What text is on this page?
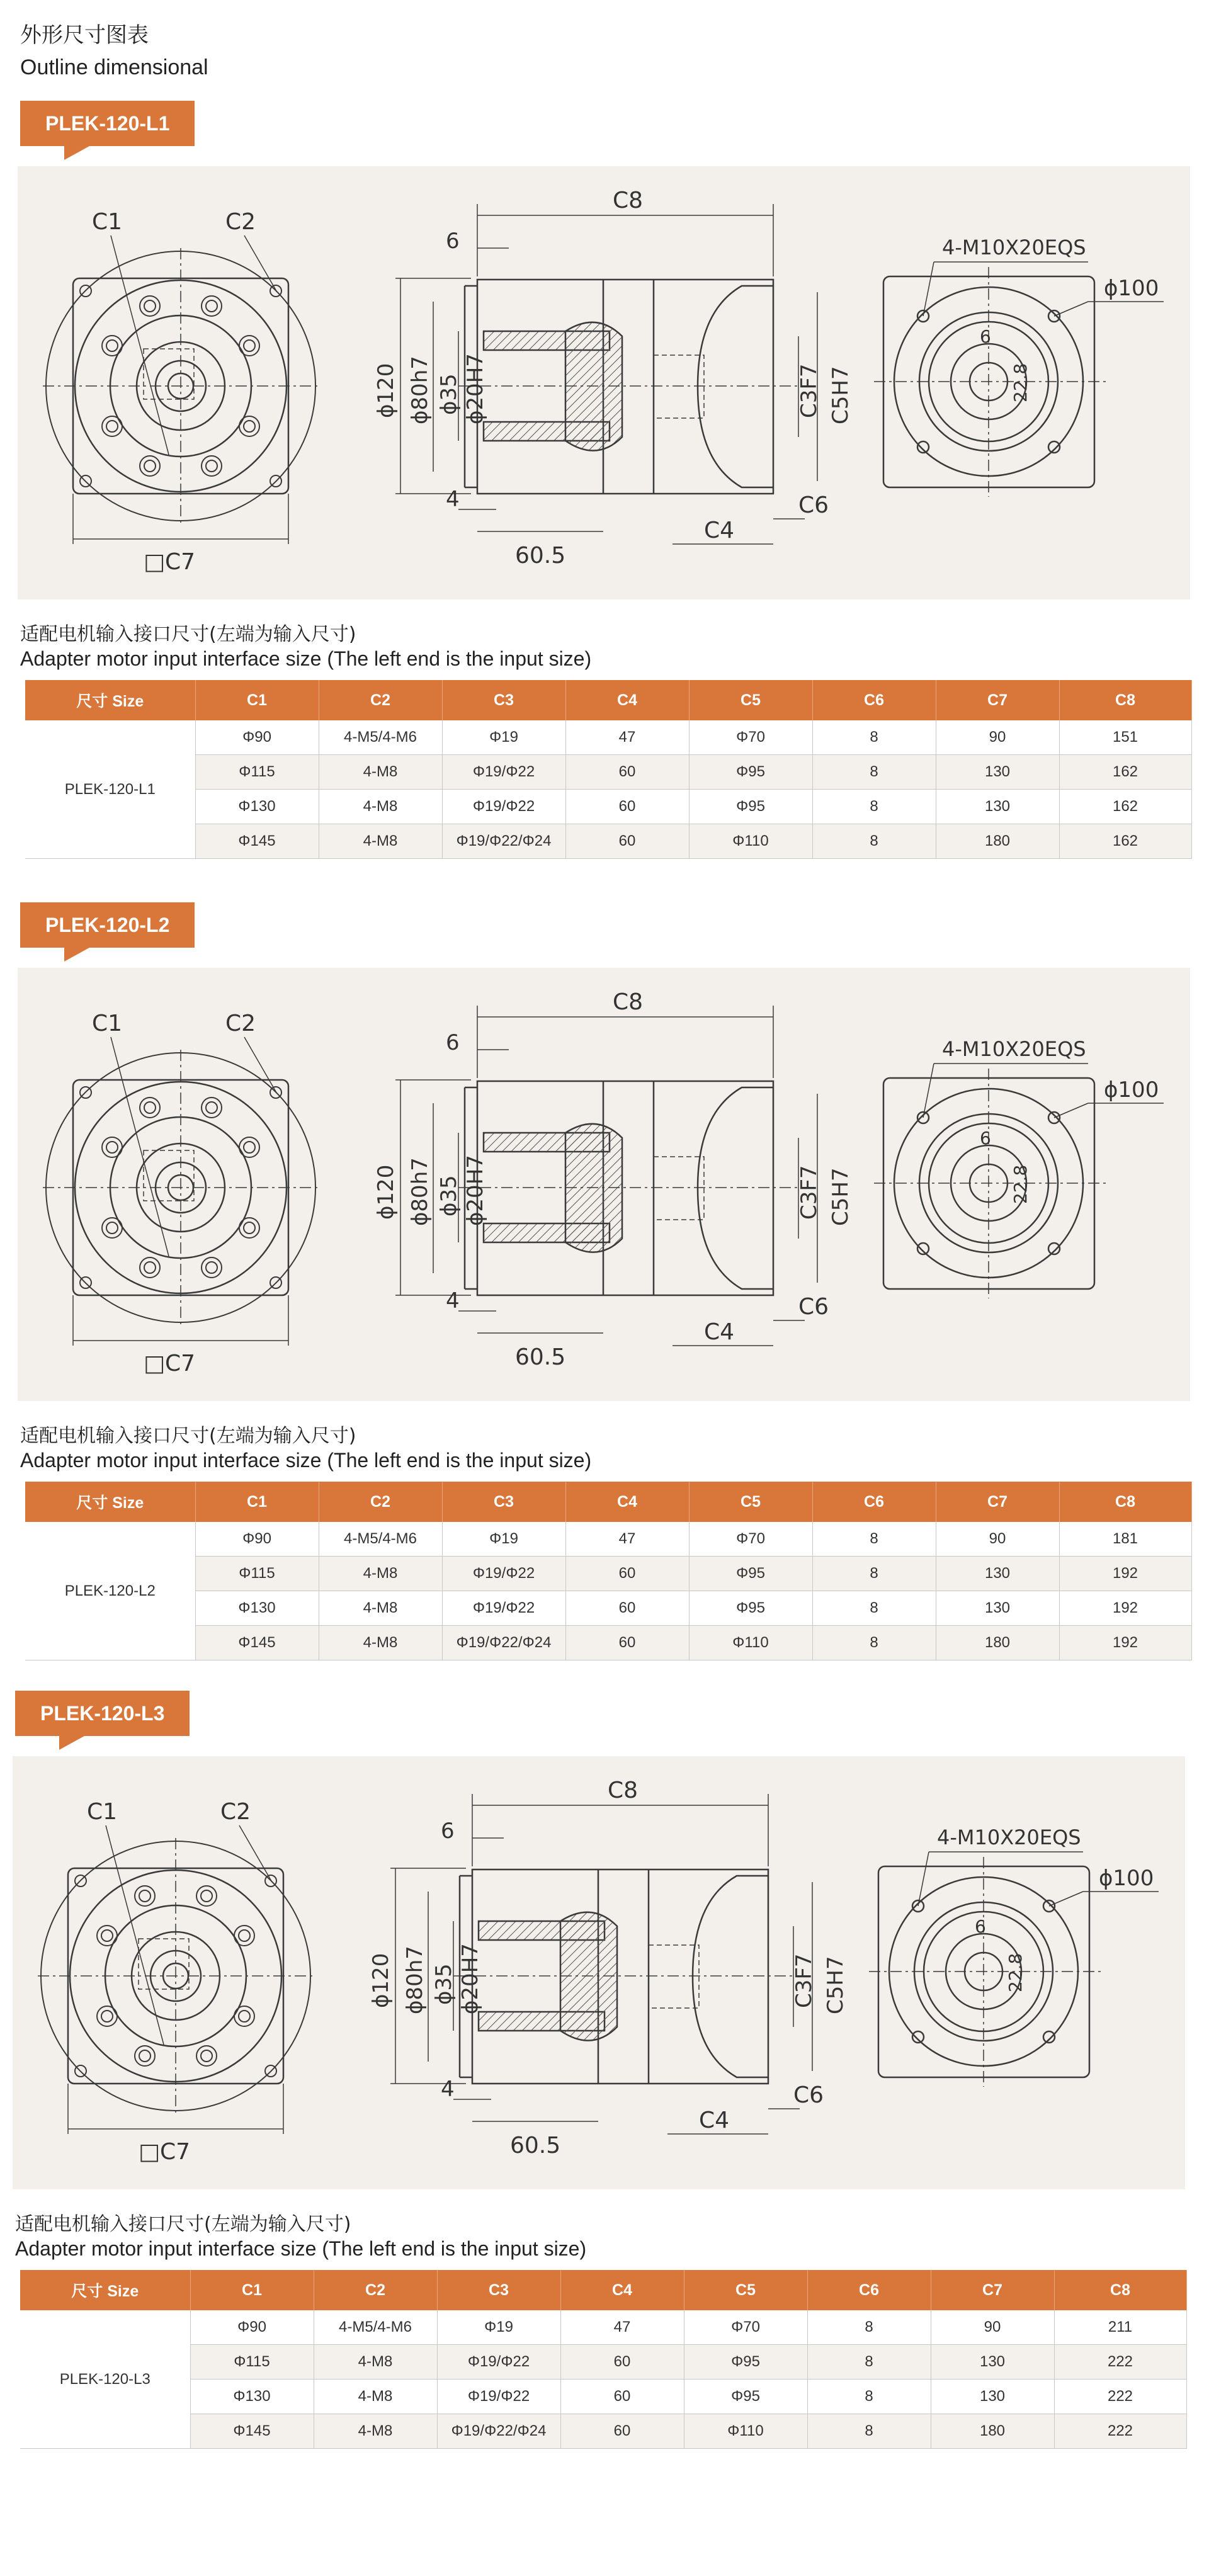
外形尺寸图表
Outline dimensional
PLEK-120-L1
C1	C2
□C7
C8
6
4
60.5
ϕ120 ϕ80h7 ϕ35 ϕ20H7	C3F7 C5H7
C4
C6
4-M10X20EQS
ϕ100
6
22.8
适配电机输入接口尺寸(左端为输入尺寸)
Adapter motor input interface size (The left end is the input size)
尺寸 Size	C1	C2	C3	C4	C5	C6	C7	C8
PLEK-120-L1	Φ90	4-M5/4-M6	Φ19	47	Φ70	8	90	151
	Φ115	4-M8	Φ19/Φ22	60	Φ95	8	130	162
	Φ130	4-M8	Φ19/Φ22	60	Φ95	8	130	162
	Φ145	4-M8	Φ19/Φ22/Φ24	60	Φ110	8	180	162
PLEK-120-L2
C1	C2
□C7
C8
6
4
60.5
ϕ120 ϕ80h7 ϕ35 ϕ20H7	C3F7 C5H7
C4
C6
4-M10X20EQS
ϕ100
6
22.8
适配电机输入接口尺寸(左端为输入尺寸)
Adapter motor input interface size (The left end is the input size)
尺寸 Size	C1	C2	C3	C4	C5	C6	C7	C8
PLEK-120-L2	Φ90	4-M5/4-M6	Φ19	47	Φ70	8	90	181
	Φ115	4-M8	Φ19/Φ22	60	Φ95	8	130	192
	Φ130	4-M8	Φ19/Φ22	60	Φ95	8	130	192
	Φ145	4-M8	Φ19/Φ22/Φ24	60	Φ110	8	180	192
PLEK-120-L3
C1	C2
□C7
C8
6
4
60.5
ϕ120 ϕ80h7 ϕ35 ϕ20H7	C3F7 C5H7
C4
C6
4-M10X20EQS
ϕ100
6
22.8
适配电机输入接口尺寸(左端为输入尺寸)
Adapter motor input interface size (The left end is the input size)
尺寸 Size	C1	C2	C3	C4	C5	C6	C7	C8
PLEK-120-L3	Φ90	4-M5/4-M6	Φ19	47	Φ70	8	90	211
	Φ115	4-M8	Φ19/Φ22	60	Φ95	8	130	222
	Φ130	4-M8	Φ19/Φ22	60	Φ95	8	130	222
	Φ145	4-M8	Φ19/Φ22/Φ24	60	Φ110	8	180	222
